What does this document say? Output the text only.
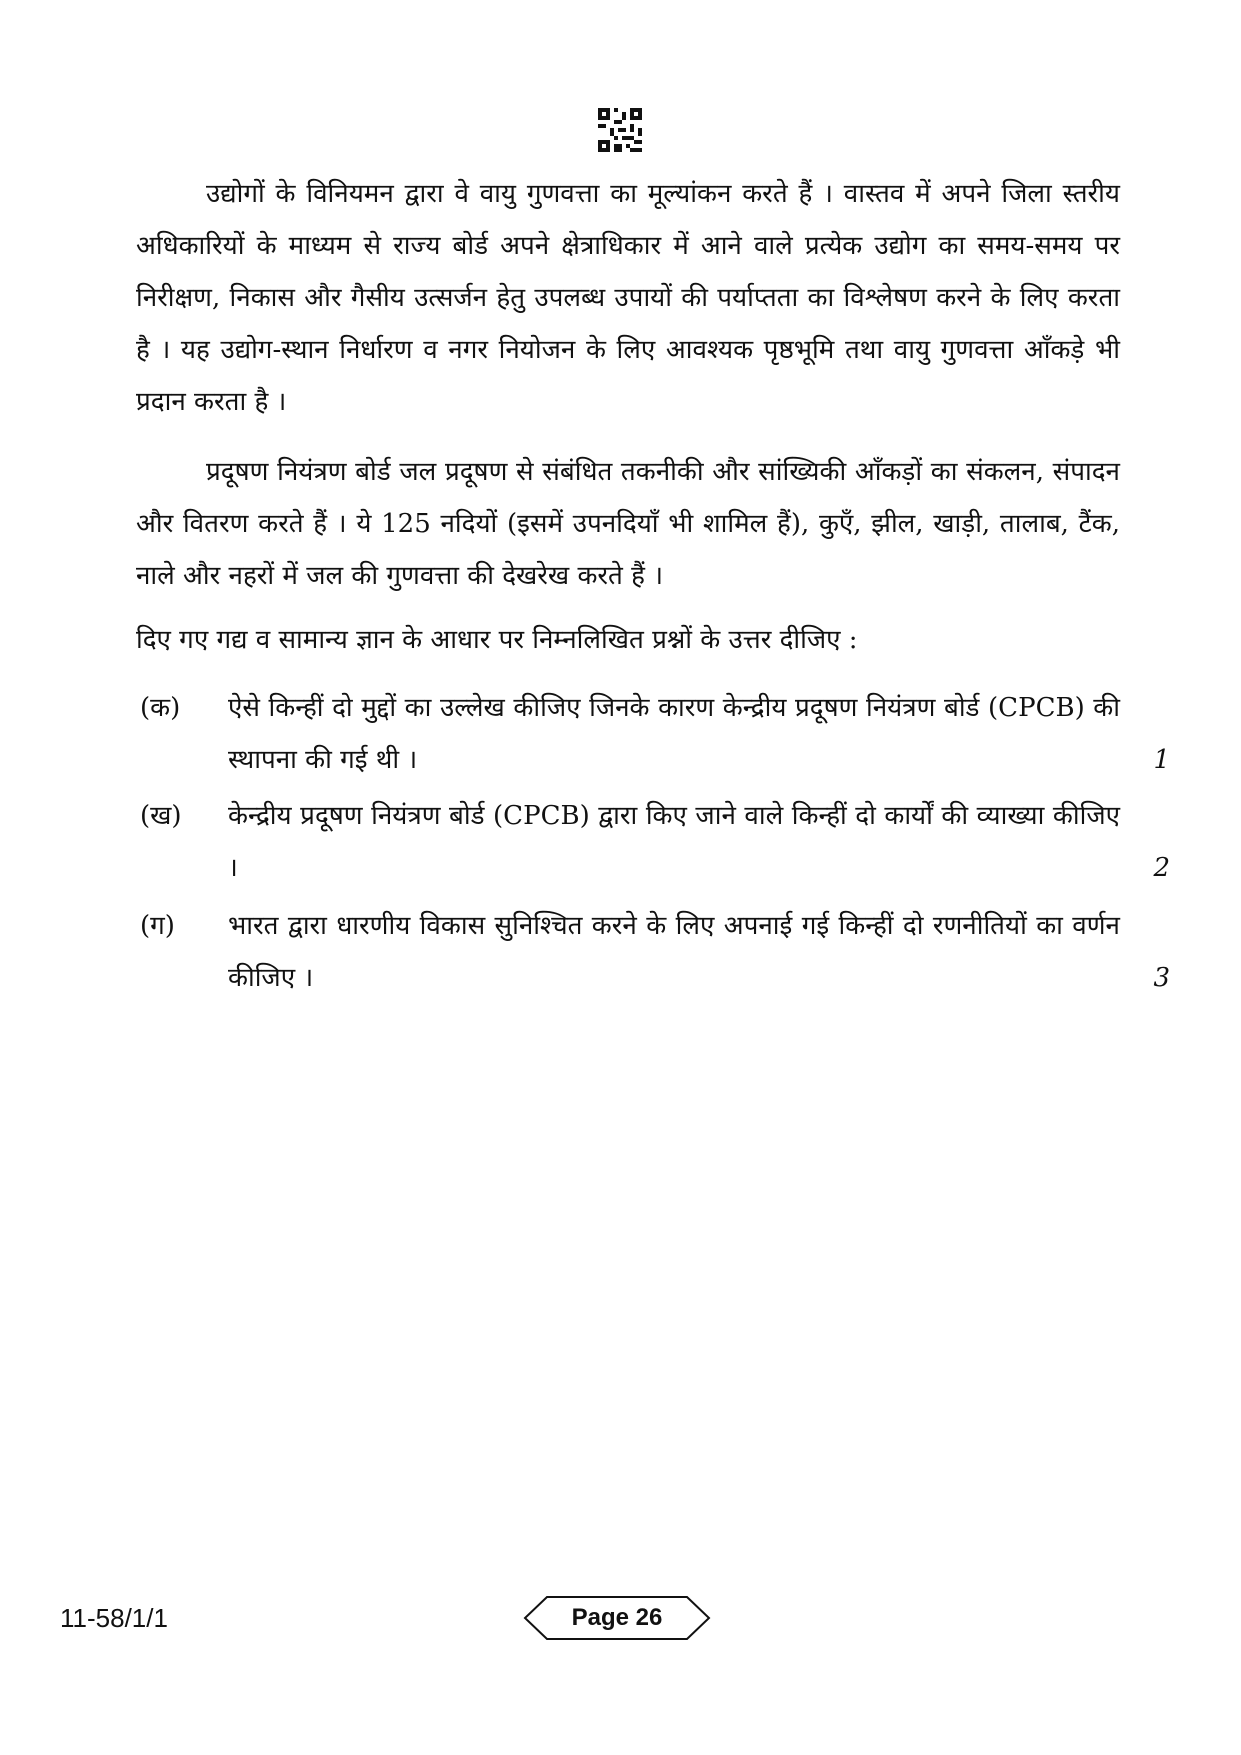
उद्योगों के विनियमन द्वारा वे वायु गुणवत्ता का मूल्यांकन करते हैं । वास्तव में अपने जिला स्तरीय अधिकारियों के माध्यम से राज्य बोर्ड अपने क्षेत्राधिकार में आने वाले प्रत्येक उद्योग का समय-समय पर निरीक्षण, निकास और गैसीय उत्सर्जन हेतु उपलब्ध उपायों की पर्याप्तता का विश्लेषण करने के लिए करता है । यह उद्योग-स्थान निर्धारण व नगर नियोजन के लिए आवश्यक पृष्ठभूमि तथा वायु गुणवत्ता आँकड़े भी प्रदान करता है ।

प्रदूषण नियंत्रण बोर्ड जल प्रदूषण से संबंधित तकनीकी और सांख्यिकी आँकड़ों का संकलन, संपादन और वितरण करते हैं । ये 125 नदियों (इसमें उपनदियाँ भी शामिल हैं), कुएँ, झील, खाड़ी, तालाब, टैंक, नाले और नहरों में जल की गुणवत्ता की देखरेख करते हैं ।

दिए गए गद्य व सामान्य ज्ञान के आधार पर निम्नलिखित प्रश्नों के उत्तर दीजिए :

(क) ऐसे किन्हीं दो मुद्दों का उल्लेख कीजिए जिनके कारण केन्द्रीय प्रदूषण नियंत्रण बोर्ड (CPCB) की स्थापना की गई थी ।	1
(ख) केन्द्रीय प्रदूषण नियंत्रण बोर्ड (CPCB) द्वारा किए जाने वाले किन्हीं दो कार्यों की व्याख्या कीजिए ।	2
(ग) भारत द्वारा धारणीय विकास सुनिश्चित करने के लिए अपनाई गई किन्हीं दो रणनीतियों का वर्णन कीजिए ।	3
11-58/1/1	Page 26
